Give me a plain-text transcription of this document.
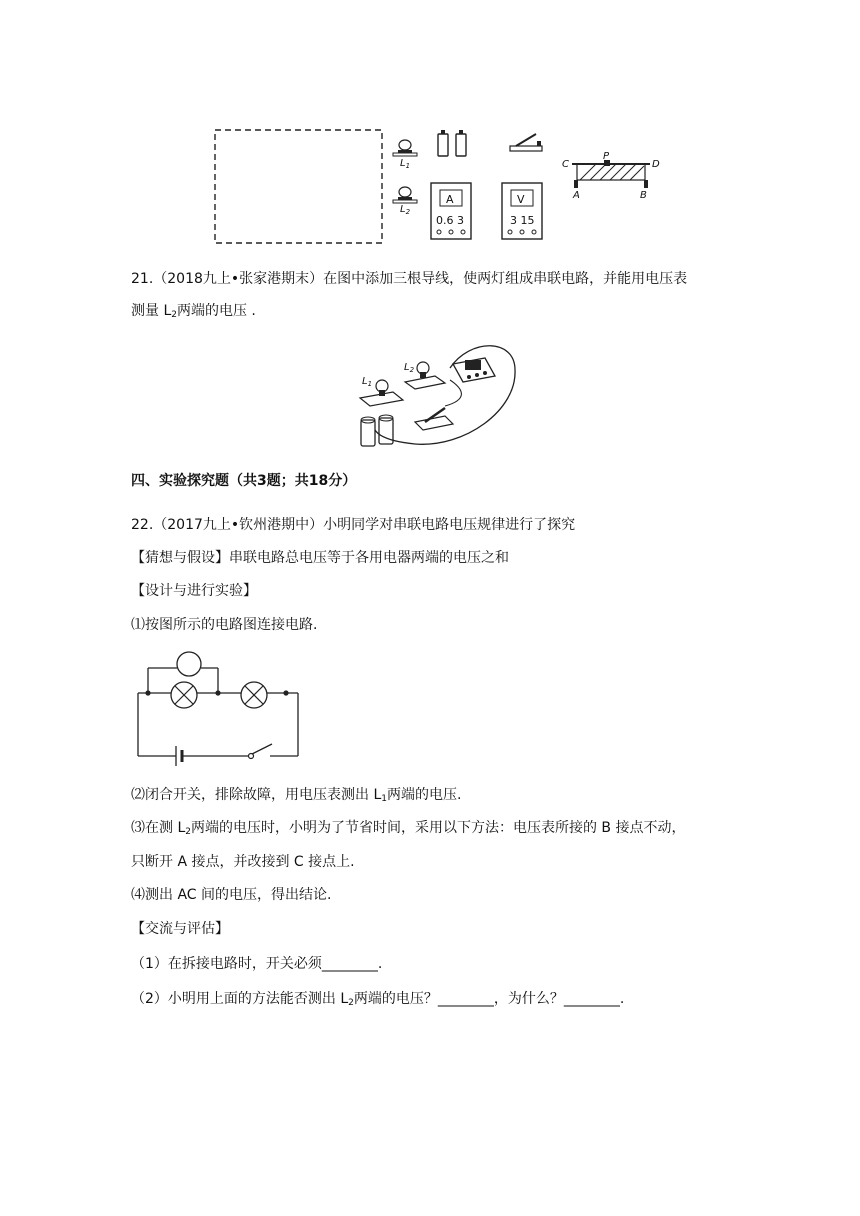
$L_1$
$L_2$
C
P
D
A	B
A
0.6 3
V
3 15
21.（2018九上•张家港期末）在图中添加三根导线，使两灯组成串联电路，并能用电压表
测量 $L_2$两端的电压 .
$L_1$
$L_2$
四、实验探究题（共3题；共18分）
22.（2017九上•钦州港期中）小明同学对串联电路电压规律进行了探究
【猜想与假设】串联电路总电压等于各用电器两端的电压之和
【设计与进行实验】
⑴按图所示的电路图连接电路.
⑵闭合开关，排除故障，用电压表测出 $L_1$两端的电压.
⑶在测 $L_2$两端的电压时，小明为了节省时间，采用以下方法：电压表所接的 B 接点不动，
只断开 A 接点，并改接到 C 接点上.
⑷测出 AC 间的电压，得出结论.
【交流与评估】
（1）在拆接电路时，开关必须________.
（2）小明用上面的方法能否测出 $L_2$两端的电压？________，为什么？________.
